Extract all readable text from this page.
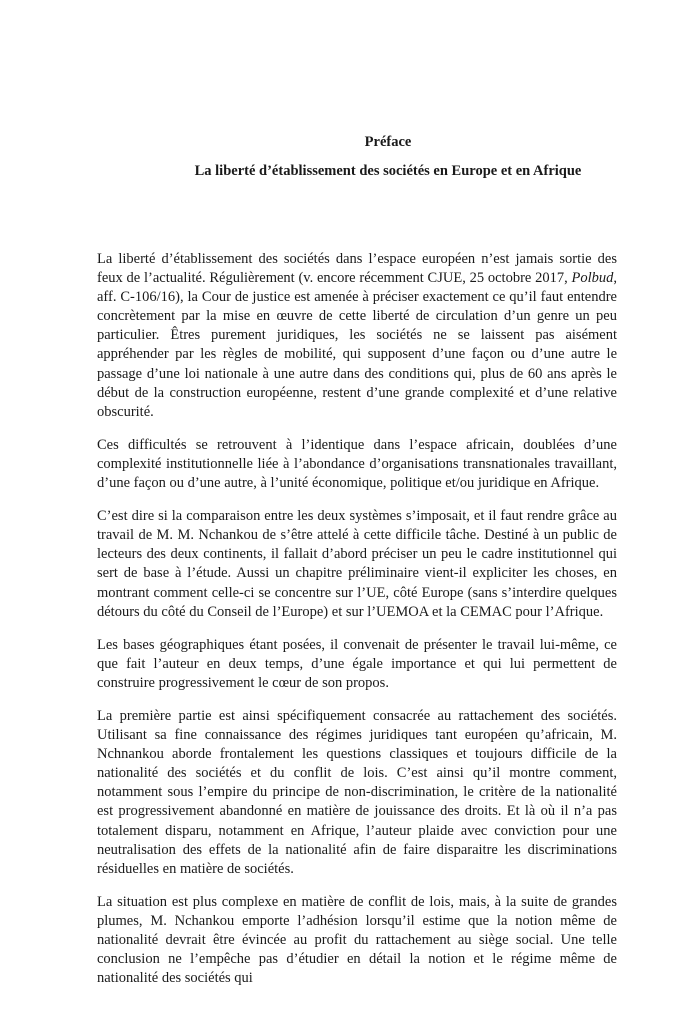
Préface
La liberté d’établissement des sociétés en Europe et en Afrique

La liberté d’établissement des sociétés dans l’espace européen n’est jamais sortie des feux de l’actualité. Régulièrement (v. encore récemment CJUE, 25 octobre 2017, Polbud, aff. C-106/16), la Cour de justice est amenée à préciser exactement ce qu’il faut entendre concrètement par la mise en œuvre de cette liberté de circulation d’un genre un peu particulier. Êtres purement juridiques, les sociétés ne se laissent pas aisément appréhender par les règles de mobilité, qui supposent d’une façon ou d’une autre le passage d’une loi nationale à une autre dans des conditions qui, plus de 60 ans après le début de la construction européenne, restent d’une grande complexité et d’une relative obscurité.

Ces difficultés se retrouvent à l’identique dans l’espace africain, doublées d’une complexité institutionnelle liée à l’abondance d’organisations transnationales travaillant, d’une façon ou d’une autre, à l’unité économique, politique et/ou juridique en Afrique.

C’est dire si la comparaison entre les deux systèmes s’imposait, et il faut rendre grâce au travail de M. M. Nchankou de s’être attelé à cette difficile tâche. Destiné à un public de lecteurs des deux continents, il fallait d’abord préciser un peu le cadre institutionnel qui sert de base à l’étude. Aussi un chapitre préliminaire vient-il expliciter les choses, en montrant comment celle-ci se concentre sur l’UE, côté Europe (sans s’interdire quelques détours du côté du Conseil de l’Europe) et sur l’UEMOA et la CEMAC pour l’Afrique.

Les bases géographiques étant posées, il convenait de présenter le travail lui-même, ce que fait l’auteur en deux temps, d’une égale importance et qui lui permettent de construire progressivement le cœur de son propos.

La première partie est ainsi spécifiquement consacrée au rattachement des sociétés. Utilisant sa fine connaissance des régimes juridiques tant européen qu’africain, M. Nchnankou aborde frontalement les questions classiques et toujours difficile de la nationalité des sociétés et du conflit de lois. C’est ainsi qu’il montre comment, notamment sous l’empire du principe de non-discrimination, le critère de la nationalité est progressivement abandonné en matière de jouissance des droits. Et là où il n’a pas totalement disparu, notamment en Afrique, l’auteur plaide avec conviction pour une neutralisation des effets de la nationalité afin de faire disparaitre les discriminations résiduelles en matière de sociétés.

La situation est plus complexe en matière de conflit de lois, mais, à la suite de grandes plumes, M. Nchankou emporte l’adhésion lorsqu’il estime que la notion même de nationalité devrait être évincée au profit du rattachement au siège social. Une telle conclusion ne l’empêche pas d’étudier en détail la notion et le régime même de nationalité des sociétés qui
